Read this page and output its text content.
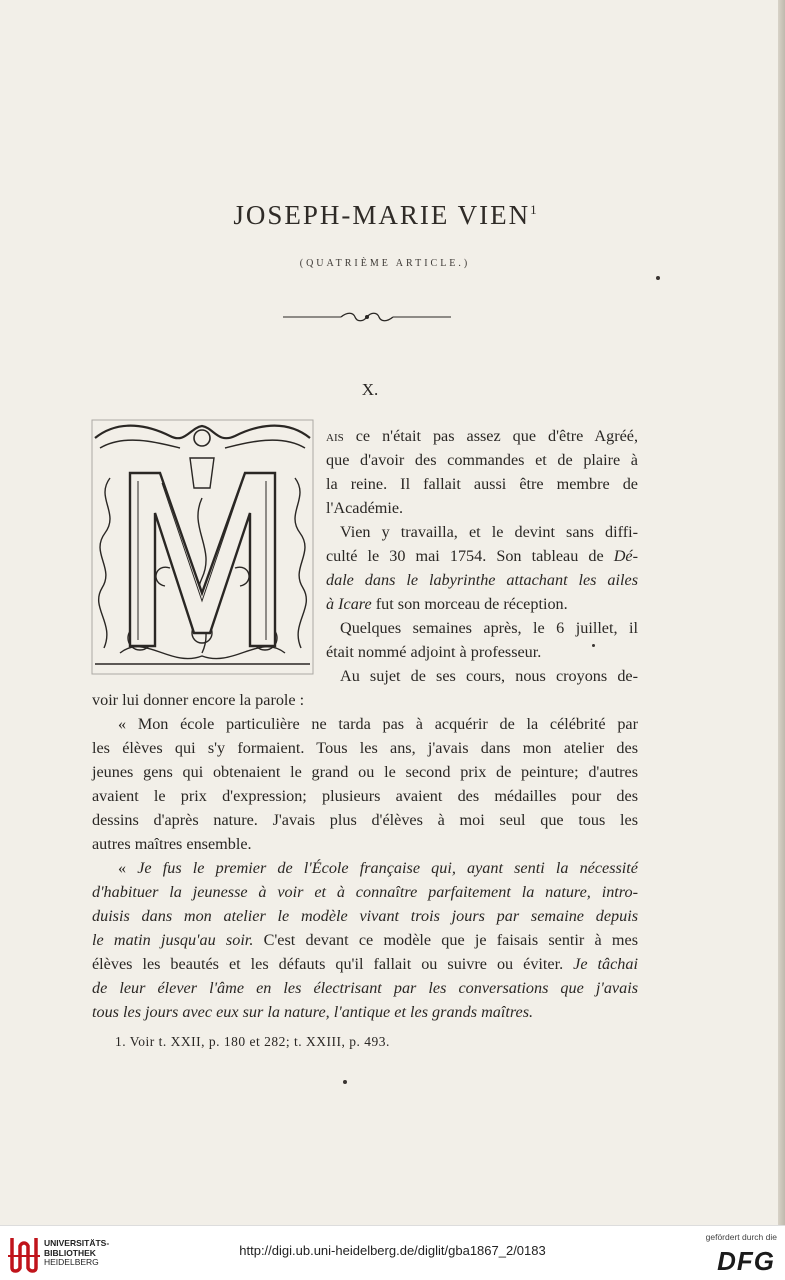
JOSEPH-MARIE VIEN$^1$
(QUATRIÈME ARTICLE.)
X.
ais ce n'était pas assez que d'être Agréé,
que d'avoir des commandes et de plaire à
la reine. Il fallait aussi être membre de
l'Académie.
Vien y travailla, et le devint sans diffi-
culté le 30 mai 1754. Son tableau de Dé-
dale dans le labyrinthe attachant les ailes
à Icare fut son morceau de réception.
Quelques semaines après, le 6 juillet, il
était nommé adjoint à professeur.
Au sujet de ses cours, nous croyons de-
voir lui donner encore la parole :
« Mon école particulière ne tarda pas à acquérir de la célébrité par
les élèves qui s'y formaient. Tous les ans, j'avais dans mon atelier des
jeunes gens qui obtenaient le grand ou le second prix de peinture; d'autres
avaient le prix d'expression; plusieurs avaient des médailles pour des
dessins d'après nature. J'avais plus d'élèves à moi seul que tous les
autres maîtres ensemble.
« Je fus le premier de l'École française qui, ayant senti la nécessité
d'habituer la jeunesse à voir et à connaître parfaitement la nature, intro-
duisis dans mon atelier le modèle vivant trois jours par semaine depuis
le matin jusqu'au soir. C'est devant ce modèle que je faisais sentir à mes
élèves les beautés et les défauts qu'il fallait ou suivre ou éviter. Je tâchai
de leur élever l'âme en les électrisant par les conversations que j'avais
tous les jours avec eux sur la nature, l'antique et les grands maîtres.
1. Voir t. XXII, p. 180 et 282; t. XXIII, p. 493.
UNIVERSITÄTS-
BIBLIOTHEK
HEIDELBERG
http://digi.ub.uni-heidelberg.de/diglit/gba1867_2/0183
gefördert durch die
DFG
